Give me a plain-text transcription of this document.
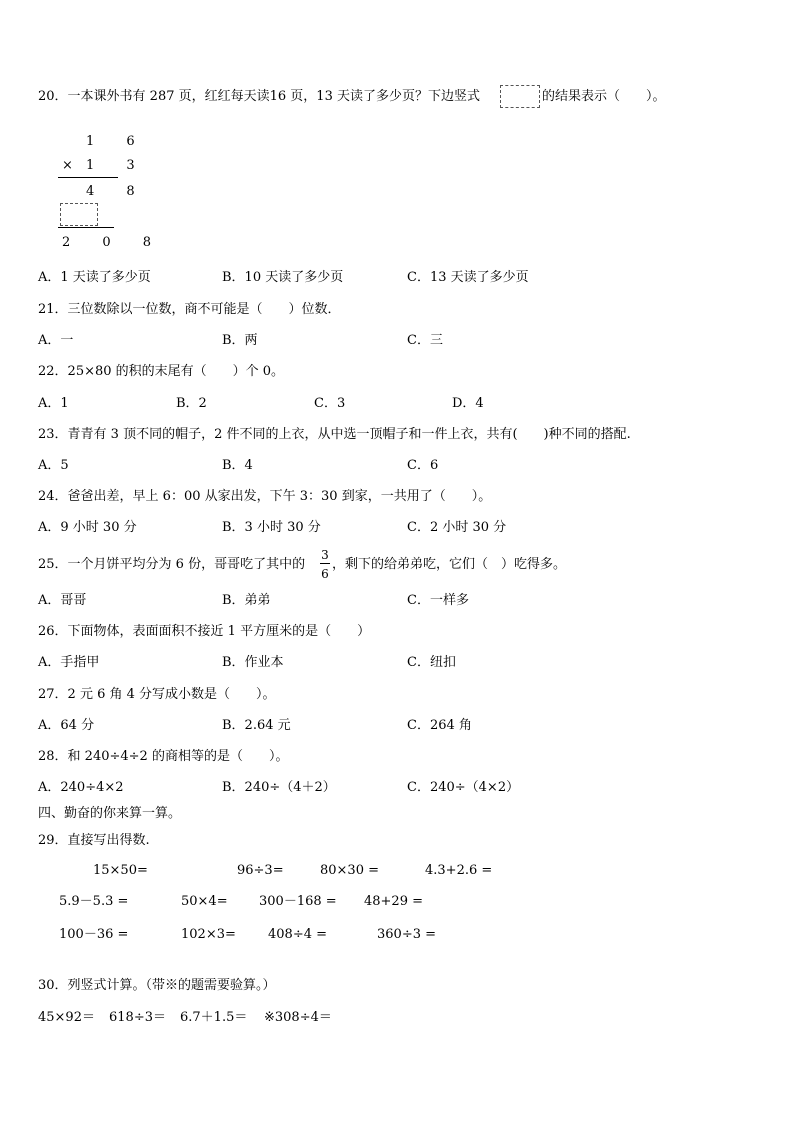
20．一本课外书有 287 页，红红每天读16 页，13 天读了多少页？下边竖式	的结果表示（　　）。
1 6
× 1 3
4 8
2 0 8
A．1 天读了多少页	B．10 天读了多少页	C．13 天读了多少页
21．三位数除以一位数，商不可能是（　　）位数．
A．一	B．两	C．三
22．25×80 的积的末尾有（　　）个 0。
A．1	B．2	C．3	D．4
23．青青有 3 顶不同的帽子，2 件不同的上衣，从中选一顶帽子和一件上衣，共有(　　)种不同的搭配.
A．5	B．4	C．6
24．爸爸出差，早上 6：00 从家出发，下午 3：30 到家，一共用了（　　）。
A．9 小时 30 分	B．3 小时 30 分	C．2 小时 30 分
25．一个月饼平均分为 6 份，哥哥吃了其中的
3
6
，剩下的给弟弟吃，它们（　）吃得多。
A．哥哥	B．弟弟	C．一样多
26．下面物体，表面面积不接近 1 平方厘米的是（　　）
A．手指甲	B．作业本	C．纽扣
27．2 元 6 角 4 分写成小数是（　　）。
A．64 分	B．2.64 元	C．264 角
28．和 240÷4÷2 的商相等的是（　　）。
A．240÷4×2	B．240÷（4＋2）	C．240÷（4×2）
四、勤奋的你来算一算。
29．直接写出得数.
15×50=	96÷3=	80×30 =	4.3+2.6 =
5.9－5.3 =	50×4= 300－168 = 48+29 =
100－36 =	102×3= 408÷4 =	360÷3 =
30．列竖式计算。（带※的题需要验算。）
45×92＝ 618÷3＝ 6.7＋1.5＝ ※308÷4＝
